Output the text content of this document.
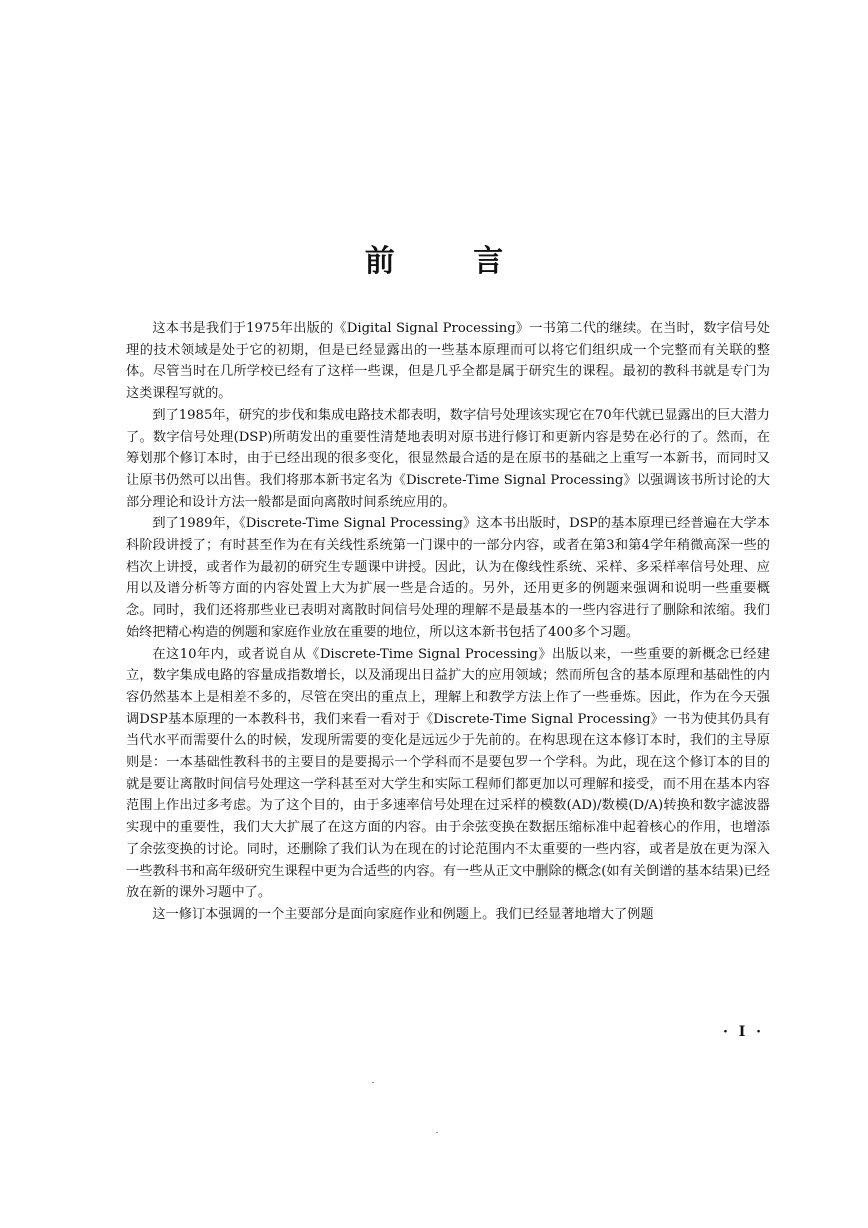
前 言

这本书是我们于1975年出版的《Digital Signal Processing》一书第二代的继续。在当时，数字信号处理的技术领域是处于它的初期，但是已经显露出的一些基本原理而可以将它们组织成一个完整而有关联的整体。尽管当时在几所学校已经有了这样一些课，但是几乎全都是属于研究生的课程。最初的教科书就是专门为这类课程写就的。

到了1985年，研究的步伐和集成电路技术都表明，数字信号处理该实现它在70年代就已显露出的巨大潜力了。数字信号处理(DSP)所萌发出的重要性清楚地表明对原书进行修订和更新内容是势在必行的了。然而，在筹划那个修订本时，由于已经出现的很多变化，很显然最合适的是在原书的基础之上重写一本新书，而同时又让原书仍然可以出售。我们将那本新书定名为《Discrete-Time Signal Processing》以强调该书所讨论的大部分理论和设计方法一般都是面向离散时间系统应用的。

到了1989年，《Discrete-Time Signal Processing》这本书出版时，DSP的基本原理已经普遍在大学本科阶段讲授了；有时甚至作为在有关线性系统第一门课中的一部分内容，或者在第3和第4学年稍微高深一些的档次上讲授，或者作为最初的研究生专题课中讲授。因此，认为在像线性系统、采样、多采样率信号处理、应用以及谱分析等方面的内容处置上大为扩展一些是合适的。另外，还用更多的例题来强调和说明一些重要概念。同时，我们还将那些业已表明对离散时间信号处理的理解不是最基本的一些内容进行了删除和浓缩。我们始终把精心构造的例题和家庭作业放在重要的地位，所以这本新书包括了400多个习题。

在这10年内，或者说自从《Discrete-Time Signal Processing》出版以来，一些重要的新概念已经建立，数字集成电路的容量成指数增长，以及涌现出日益扩大的应用领域；然而所包含的基本原理和基础性的内容仍然基本上是相差不多的，尽管在突出的重点上，理解上和教学方法上作了一些垂炼。因此，作为在今天强调DSP基本原理的一本教科书，我们来看一看对于《Discrete-Time Signal Processing》一书为使其仍具有当代水平而需要什么的时候，发现所需要的变化是远远少于先前的。在构思现在这本修订本时，我们的主导原则是：一本基础性教科书的主要目的是要揭示一个学科而不是要包罗一个学科。为此，现在这个修订本的目的就是要让离散时间信号处理这一学科甚至对大学生和实际工程师们都更加以可理解和接受，而不用在基本内容范围上作出过多考虑。为了这个目的，由于多速率信号处理在过采样的模数(AD)/数模(D/A)转换和数字滤波器实现中的重要性，我们大大扩展了在这方面的内容。由于余弦变换在数据压缩标准中起着核心的作用，也增添了余弦变换的讨论。同时，还删除了我们认为在现在的讨论范围内不太重要的一些内容，或者是放在更为深入一些教科书和高年级研究生课程中更为合适些的内容。有一些从正文中删除的概念(如有关倒谱的基本结果)已经放在新的课外习题中了。

这一修订本强调的一个主要部分是面向家庭作业和例题上。我们已经显著地增大了例题

· I ·
